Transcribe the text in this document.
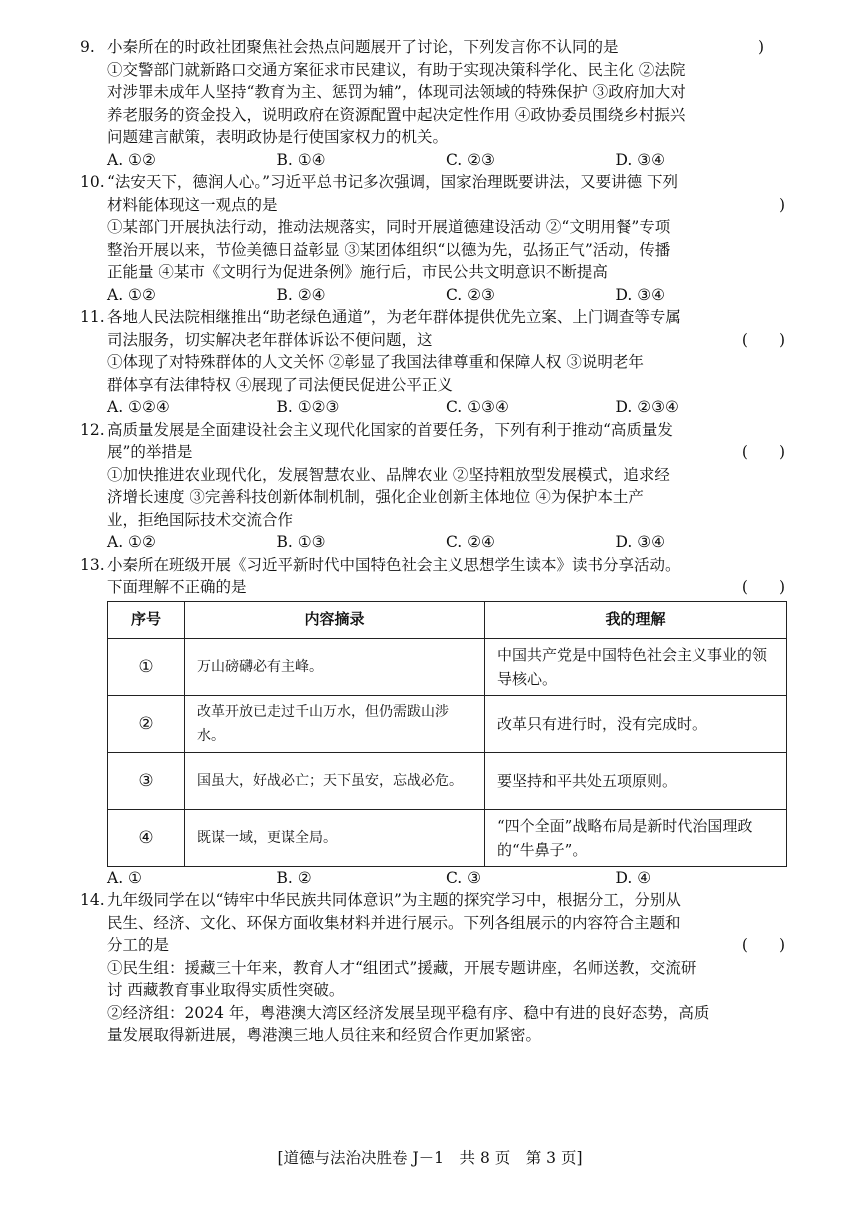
9. 小秦所在的时政社团聚焦社会热点问题展开了讨论，下列发言你不认同的是	)
①交警部门就新路口交通方案征求市民建议，有助于实现决策科学化、民主化 ②法院
对涉罪未成年人坚持“教育为主、惩罚为辅”，体现司法领域的特殊保护 ③政府加大对
养老服务的资金投入，说明政府在资源配置中起决定性作用 ④政协委员围绕乡村振兴
问题建言献策，表明政协是行使国家权力的机关。
A. ①②	B. ①④	C. ②③	D. ③④
10. “法安天下，德润人心。”习近平总书记多次强调，国家治理既要讲法，又要讲德 下列
材料能体现这一观点的是	)
①某部门开展执法行动，推动法规落实，同时开展道德建设活动 ②“文明用餐”专项
整治开展以来，节俭美德日益彰显 ③某团体组织“以德为先，弘扬正气”活动，传播
正能量 ④某市《文明行为促进条例》施行后，市民公共文明意识不断提高
A. ①②	B. ②④	C. ②③	D. ③④
11. 各地人民法院相继推出“助老绿色通道”，为老年群体提供优先立案、上门调查等专属
司法服务，切实解决老年群体诉讼不便问题，这	(　　)
①体现了对特殊群体的人文关怀 ②彰显了我国法律尊重和保障人权 ③说明老年
群体享有法律特权 ④展现了司法便民促进公平正义
A. ①②④	B. ①②③	C. ①③④	D. ②③④
12. 高质量发展是全面建设社会主义现代化国家的首要任务，下列有利于推动“高质量发
展”的举措是	(　　)
①加快推进农业现代化，发展智慧农业、品牌农业 ②坚持粗放型发展模式，追求经
济增长速度 ③完善科技创新体制机制，强化企业创新主体地位 ④为保护本土产
业，拒绝国际技术交流合作
A. ①②	B. ①③	C. ②④	D. ③④
13. 小秦所在班级开展《习近平新时代中国特色社会主义思想学生读本》读书分享活动。
下面理解不正确的是	(　　)
序号	内容摘录	我的理解
①	万山磅礴必有主峰。	中国共产党是中国特色社会主义事业的领导核心。
②	改革开放已走过千山万水，但仍需跋山涉水。	改革只有进行时，没有完成时。
③	国虽大，好战必亡；天下虽安，忘战必危。	要坚持和平共处五项原则。
④	既谋一域，更谋全局。	“四个全面”战略布局是新时代治国理政的“牛鼻子”。
A. ①	B. ②	C. ③	D. ④
14. 九年级同学在以“铸牢中华民族共同体意识”为主题的探究学习中，根据分工，分别从
民生、经济、文化、环保方面收集材料并进行展示。下列各组展示的内容符合主题和
分工的是	(　　)
①民生组：援藏三十年来，教育人才“组团式”援藏，开展专题讲座，名师送教，交流研
讨 西藏教育事业取得实质性突破。
②经济组：2024 年，粤港澳大湾区经济发展呈现平稳有序、稳中有进的良好态势，高质
量发展取得新进展，粤港澳三地人员往来和经贸合作更加紧密。
[道德与法治决胜卷 J－1　共 8 页　第 3 页]
